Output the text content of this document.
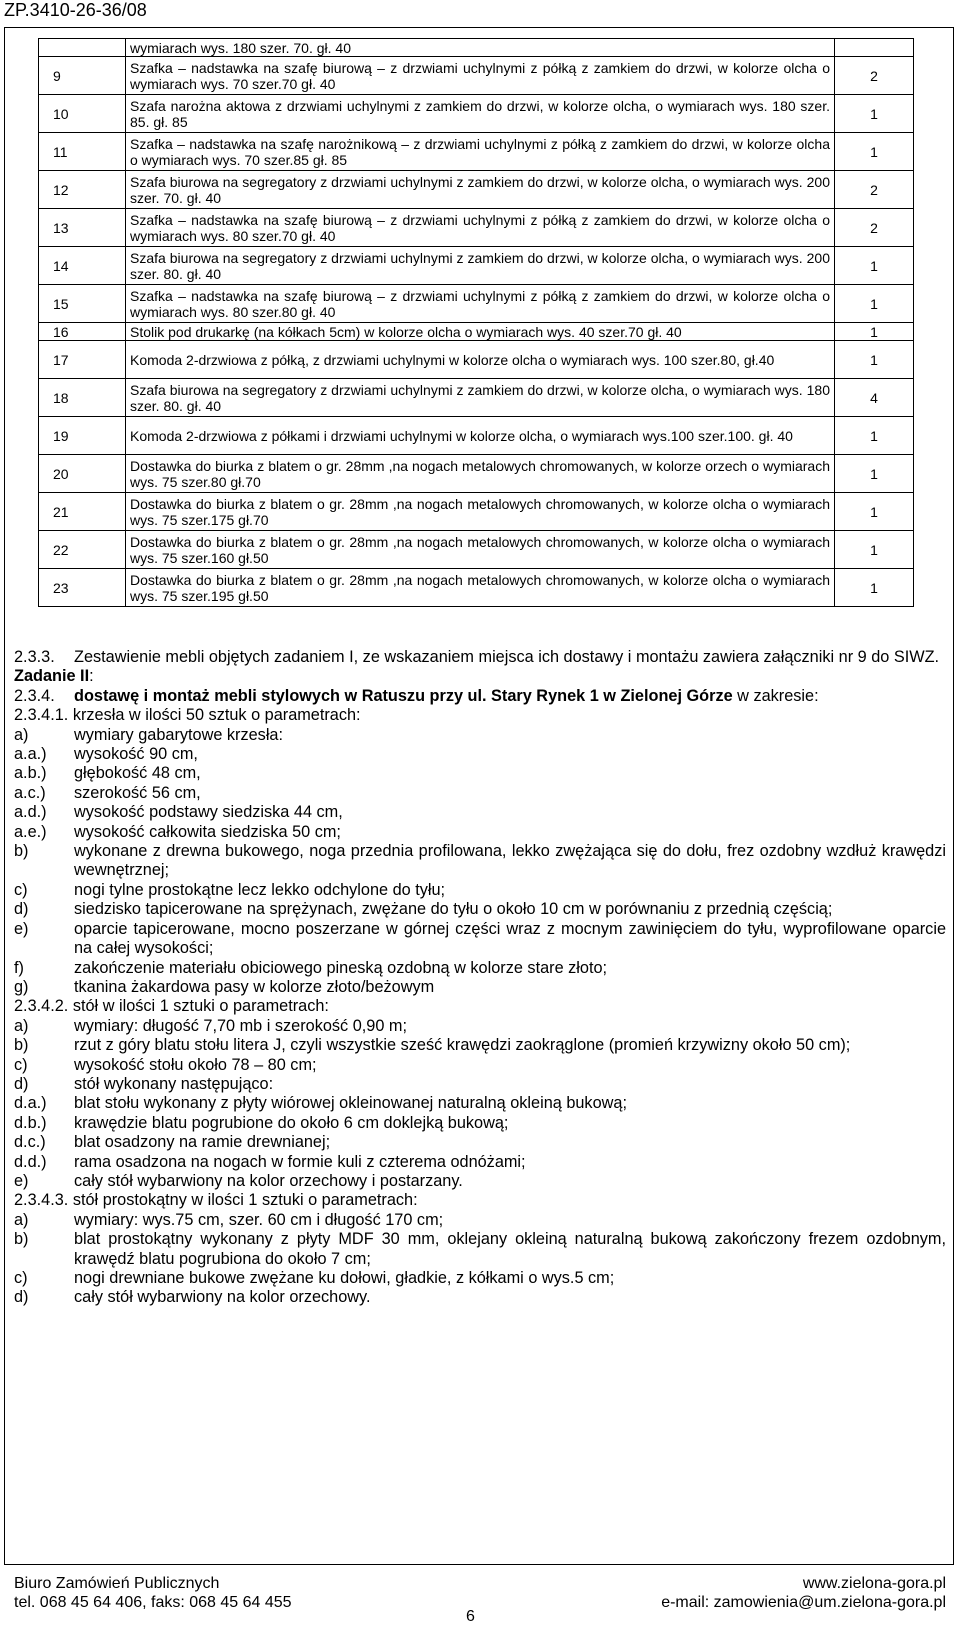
ZP.3410-26-36/08
	wymiarach wys. 180 szer. 70. gł. 40	
9	Szafka – nadstawka na szafę biurową – z drzwiami uchylnymi z półką z zamkiem do drzwi, w kolorze olcha o wymiarach wys. 70 szer.70 gł. 40	2
10	Szafa narożna aktowa z drzwiami uchylnymi z zamkiem do drzwi, w kolorze olcha, o wymiarach wys. 180 szer. 85. gł. 85	1
11	Szafka – nadstawka na szafę narożnikową – z drzwiami uchylnymi z półką z zamkiem do drzwi, w kolorze olcha o wymiarach wys. 70 szer.85 gł. 85	1
12	Szafa biurowa na segregatory z drzwiami uchylnymi z zamkiem do drzwi, w kolorze olcha, o wymiarach wys. 200 szer. 70. gł. 40	2
13	Szafka – nadstawka na szafę biurową – z drzwiami uchylnymi z półką z zamkiem do drzwi, w kolorze olcha o wymiarach wys. 80 szer.70 gł. 40	2
14	Szafa biurowa na segregatory z drzwiami uchylnymi z zamkiem do drzwi, w kolorze olcha, o wymiarach wys. 200 szer. 80. gł. 40	1
15	Szafka – nadstawka na szafę biurową – z drzwiami uchylnymi z półką z zamkiem do drzwi, w kolorze olcha o wymiarach wys. 80 szer.80 gł. 40	1
16	Stolik pod drukarkę (na kółkach 5cm) w kolorze olcha o wymiarach wys. 40 szer.70 gł. 40	1
17	Komoda 2-drzwiowa z półką, z drzwiami uchylnymi w kolorze olcha o wymiarach wys. 100 szer.80, gł.40	1
18	Szafa biurowa na segregatory z drzwiami uchylnymi z zamkiem do drzwi, w kolorze olcha, o wymiarach wys. 180 szer. 80. gł. 40	4
19	Komoda 2-drzwiowa z półkami i drzwiami uchylnymi w kolorze olcha, o wymiarach wys.100 szer.100. gł. 40	1
20	Dostawka do biurka z blatem o gr. 28mm ,na nogach metalowych chromowanych, w kolorze orzech o wymiarach wys. 75 szer.80 gł.70	1
21	Dostawka do biurka z blatem o gr. 28mm ,na nogach metalowych chromowanych, w kolorze olcha o wymiarach wys. 75 szer.175 gł.70	1
22	Dostawka do biurka z blatem o gr. 28mm ,na nogach metalowych chromowanych, w kolorze olcha o wymiarach wys. 75 szer.160 gł.50	1
23	Dostawka do biurka z blatem o gr. 28mm ,na nogach metalowych chromowanych, w kolorze olcha o wymiarach wys. 75 szer.195 gł.50	1
2.3.3.	Zestawienie mebli objętych zadaniem I, ze wskazaniem miejsca ich dostawy i montażu zawiera załączniki nr 9 do SIWZ.

Zadanie II:

2.3.4.	dostawę i montaż mebli stylowych w Ratuszu przy ul. Stary Rynek 1 w Zielonej Górze w zakresie:

2.3.4.1. krzesła w ilości 50 sztuk o parametrach:

a)	wymiary gabarytowe krzesła:
a.a.)	wysokość 90 cm,
a.b.)	głębokość 48 cm,
a.c.)	szerokość 56 cm,
a.d.)	wysokość podstawy siedziska 44 cm,
a.e.)	wysokość całkowita siedziska 50 cm;
b)	wykonane z drewna bukowego, noga przednia profilowana, lekko zwężająca się do dołu, frez ozdobny wzdłuż krawędzi wewnętrznej;
c)	nogi tylne prostokątne lecz lekko odchylone do tyłu;
d)	siedzisko tapicerowane na sprężynach, zwężane do tyłu o około 10 cm w porównaniu z przednią częścią;
e)	oparcie tapicerowane, mocno poszerzane w górnej części wraz z mocnym zawinięciem do tyłu, wyprofilowane oparcie na całej wysokości;
f)	zakończenie materiału obiciowego pineską ozdobną w kolorze stare złoto;
g)	tkanina żakardowa pasy w kolorze złoto/beżowym

2.3.4.2. stół w ilości 1 sztuki o parametrach:

a)	wymiary: długość 7,70 mb i szerokość 0,90 m;
b)	rzut z góry blatu stołu litera J, czyli wszystkie sześć krawędzi zaokrąglone (promień krzywizny około 50 cm);
c)	wysokość stołu około 78 – 80 cm;
d)	stół wykonany następująco:
d.a.)	blat stołu wykonany z płyty wiórowej okleinowanej naturalną okleiną bukową;
d.b.)	krawędzie blatu pogrubione do około 6 cm doklejką bukową;
d.c.)	blat osadzony na ramie drewnianej;
d.d.)	rama osadzona na nogach w formie kuli z czterema odnóżami;
e)	cały stół wybarwiony na kolor orzechowy i postarzany.

2.3.4.3. stół prostokątny w ilości 1 sztuki o parametrach:

a)	wymiary: wys.75 cm, szer. 60 cm i długość 170 cm;
b)	blat prostokątny wykonany z płyty MDF 30 mm, oklejany okleiną naturalną bukową zakończony frezem ozdobnym, krawędź blatu pogrubiona do około 7 cm;
c)	nogi drewniane bukowe zwężane ku dołowi, gładkie, z kółkami o wys.5 cm;
d)	cały stół wybarwiony na kolor orzechowy.
Biuro Zamówień Publicznych
tel. 068 45 64 406, faks: 068 45 64 455
www.zielona-gora.pl
e-mail: zamowienia@um.zielona-gora.pl
6
